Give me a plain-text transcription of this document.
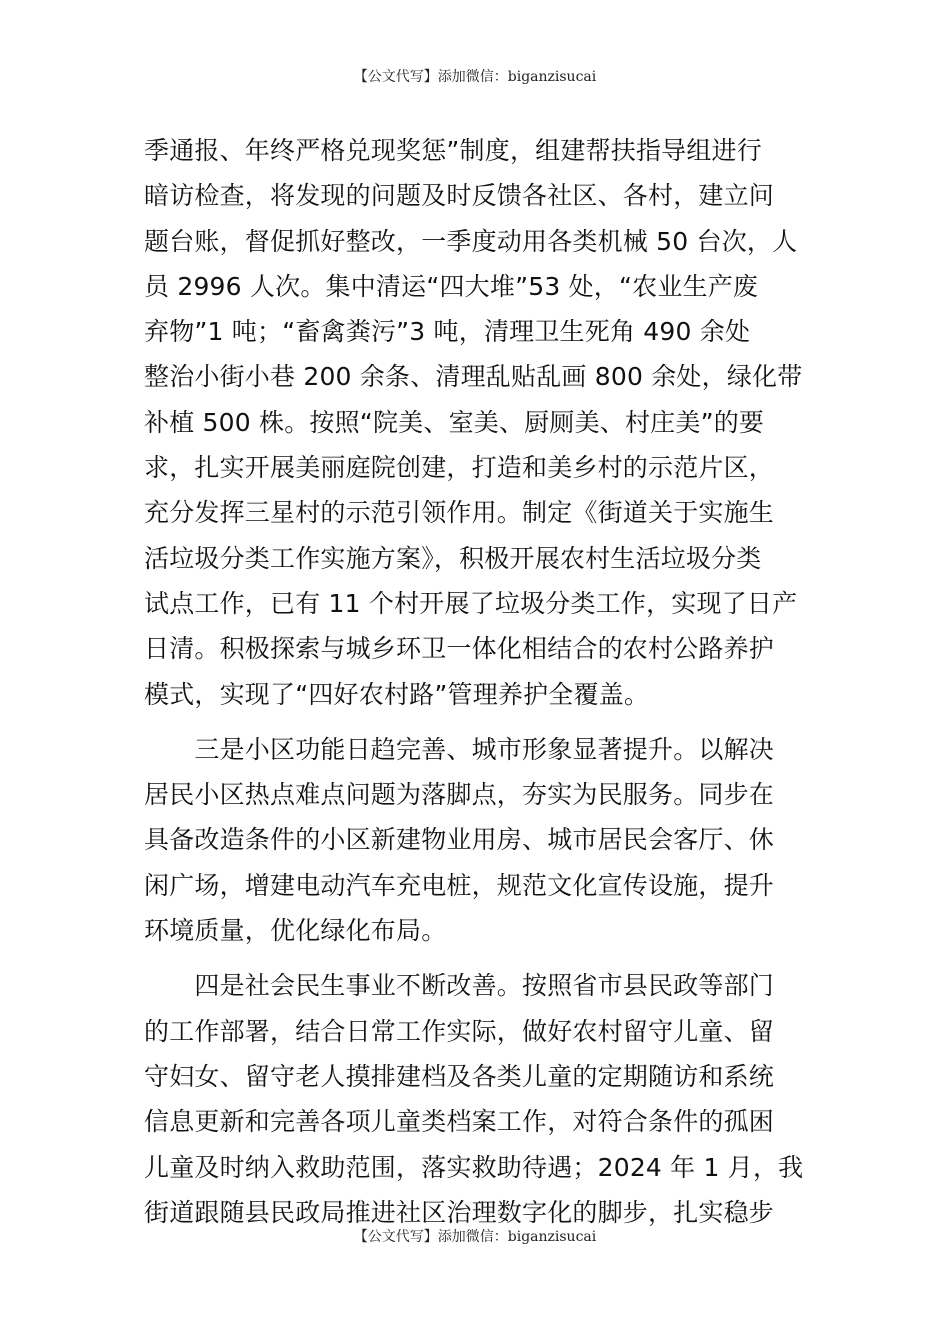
【公文代写】添加微信：biganzisucai
季通报、年终严格兑现奖惩”制度，组建帮扶指导组进行
暗访检查，将发现的问题及时反馈各社区、各村，建立问
题台账，督促抓好整改，一季度动用各类机械 50 台次，人
员 2996 人次。集中清运“四大堆”53 处，“农业生产废
弃物”1 吨；“畜禽粪污”3 吨，清理卫生死角 490 余处
整治小街小巷 200 余条、清理乱贴乱画 800 余处，绿化带
补植 500 株。按照“院美、室美、厨厕美、村庄美”的要
求，扎实开展美丽庭院创建，打造和美乡村的示范片区，
充分发挥三星村的示范引领作用。制定《街道关于实施生
活垃圾分类工作实施方案》，积极开展农村生活垃圾分类
试点工作，已有 11 个村开展了垃圾分类工作，实现了日产
日清。积极探索与城乡环卫一体化相结合的农村公路养护
模式，实现了“四好农村路”管理养护全覆盖。
　　三是小区功能日趋完善、城市形象显著提升。以解决
居民小区热点难点问题为落脚点，夯实为民服务。同步在
具备改造条件的小区新建物业用房、城市居民会客厅、休
闲广场，增建电动汽车充电桩，规范文化宣传设施，提升
环境质量，优化绿化布局。
　　四是社会民生事业不断改善。按照省市县民政等部门
的工作部署，结合日常工作实际，做好农村留守儿童、留
守妇女、留守老人摸排建档及各类儿童的定期随访和系统
信息更新和完善各项儿童类档案工作，对符合条件的孤困
儿童及时纳入救助范围，落实救助待遇；2024 年 1 月，我
街道跟随县民政局推进社区治理数字化的脚步，扎实稳步
【公文代写】添加微信：biganzisucai
